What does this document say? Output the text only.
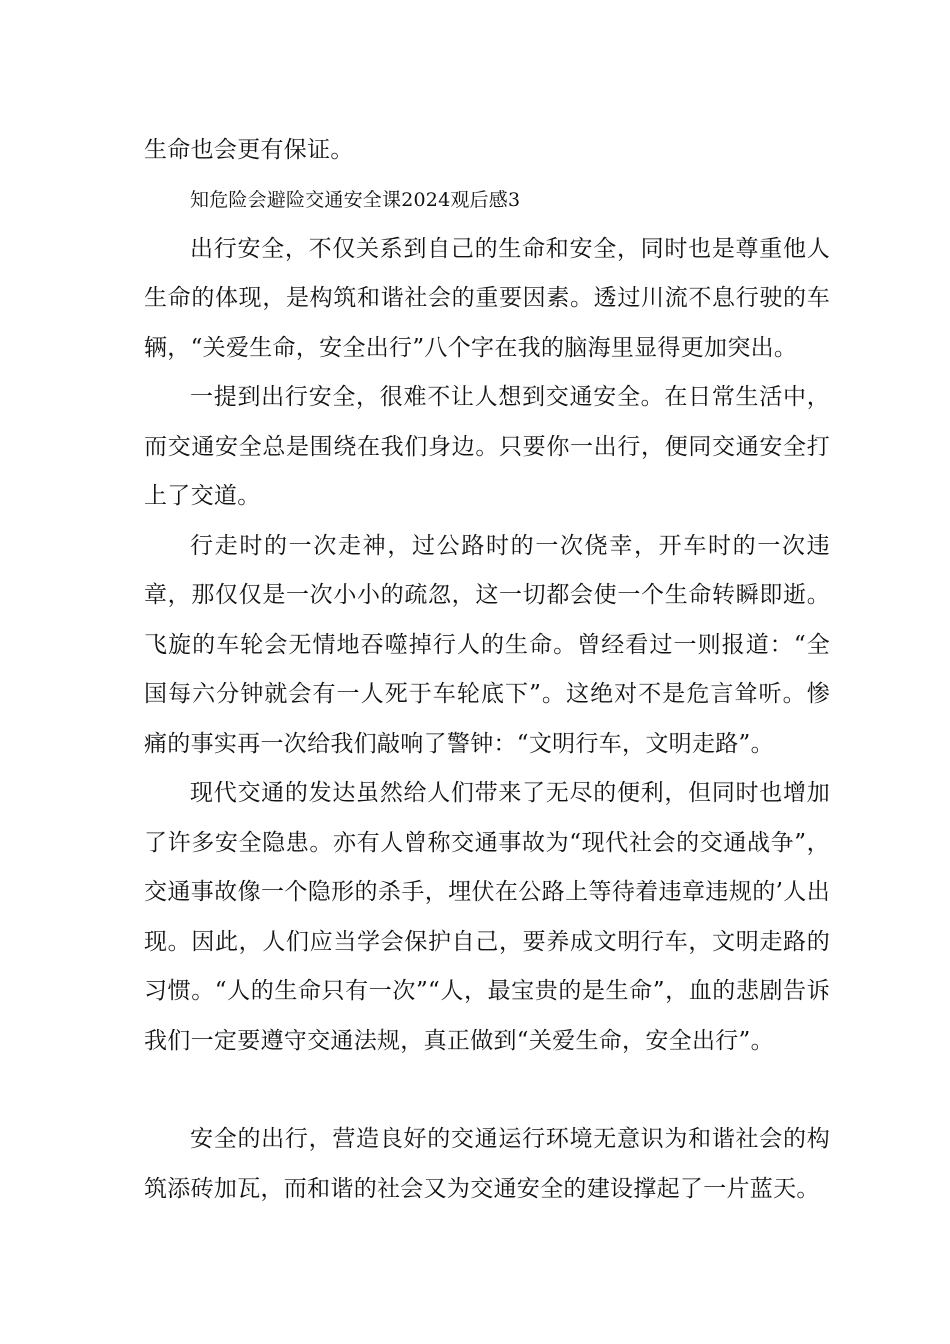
生命也会更有保证。

知危险会避险交通安全课2024观后感3

出行安全，不仅关系到自己的生命和安全，同时也是尊重他人生命的体现，是构筑和谐社会的重要因素。透过川流不息行驶的车辆，“关爱生命，安全出行”八个字在我的脑海里显得更加突出。

一提到出行安全，很难不让人想到交通安全。在日常生活中，而交通安全总是围绕在我们身边。只要你一出行，便同交通安全打上了交道。

行走时的一次走神，过公路时的一次侥幸，开车时的一次违章，那仅仅是一次小小的疏忽，这一切都会使一个生命转瞬即逝。飞旋的车轮会无情地吞噬掉行人的生命。曾经看过一则报道：“全国每六分钟就会有一人死于车轮底下”。这绝对不是危言耸听。惨痛的事实再一次给我们敲响了警钟：“文明行车，文明走路”。

现代交通的发达虽然给人们带来了无尽的便利，但同时也增加了许多安全隐患。亦有人曾称交通事故为“现代社会的交通战争”，交通事故像一个隐形的杀手，埋伏在公路上等待着违章违规的’人出现。因此，人们应当学会保护自己，要养成文明行车，文明走路的习惯。“人的生命只有一次”“人，最宝贵的是生命”，血的悲剧告诉我们一定要遵守交通法规，真正做到“关爱生命，安全出行”。

安全的出行，营造良好的交通运行环境无意识为和谐社会的构筑添砖加瓦，而和谐的社会又为交通安全的建设撑起了一片蓝天。
